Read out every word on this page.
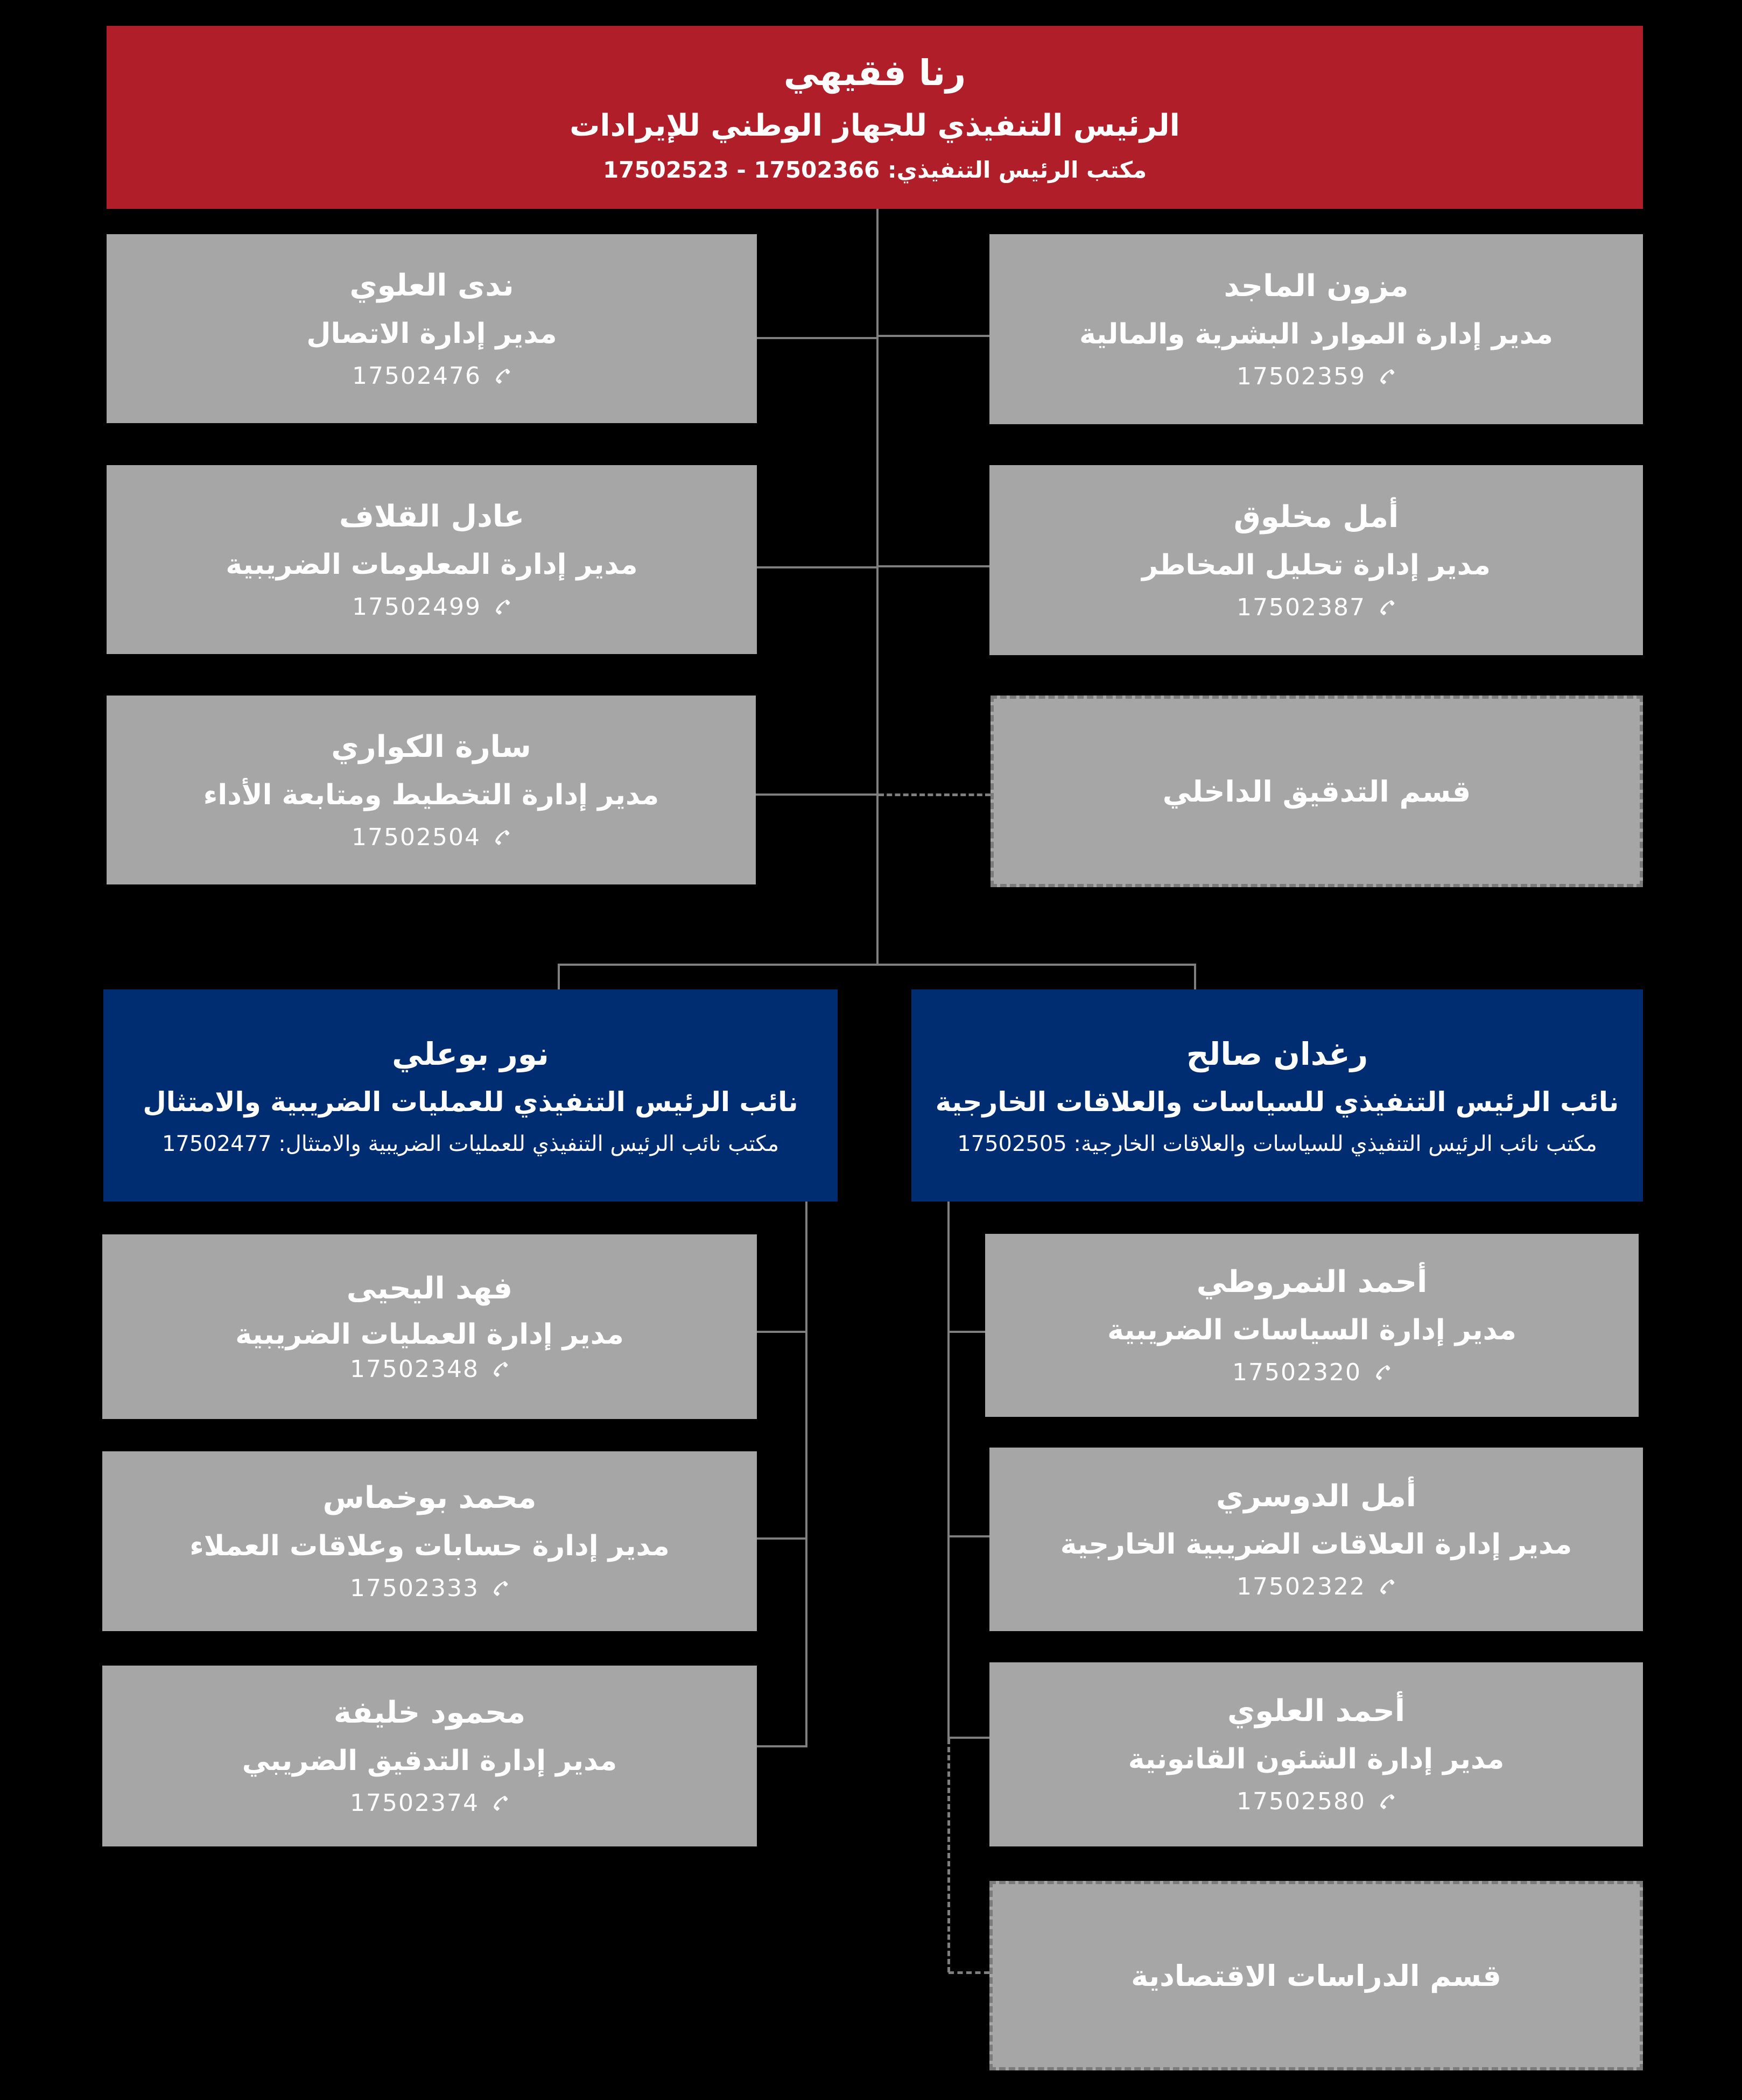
رنا فقيهي
الرئيس التنفيذي للجهاز الوطني للإيرادات
مكتب الرئيس التنفيذي: 17502366 - 17502523
ندى العلوي
مدير إدارة الاتصال
17502476
عادل القلاف
مدير إدارة المعلومات الضريبية
17502499
سارة الكواري
مدير إدارة التخطيط ومتابعة الأداء
17502504
مزون الماجد
مدير إدارة الموارد البشرية والمالية
17502359
أمل مخلوق
مدير إدارة تحليل المخاطر
17502387
قسم التدقيق الداخلي
نور بوعلي
نائب الرئيس التنفيذي للعمليات الضريبية والامتثال
مكتب نائب الرئيس التنفيذي للعمليات الضريبية والامتثال: 17502477
رغدان صالح
نائب الرئيس التنفيذي للسياسات والعلاقات الخارجية
مكتب نائب الرئيس التنفيذي للسياسات والعلاقات الخارجية: 17502505
فهد اليحيى
مدير إدارة العمليات الضريبية
17502348
محمد بوخماس
مدير إدارة حسابات وعلاقات العملاء
17502333
محمود خليفة
مدير إدارة التدقيق الضريبي
17502374
أحمد النمروطي
مدير إدارة السياسات الضريبية
17502320
أمل الدوسري
مدير إدارة العلاقات الضريبية الخارجية
17502322
أحمد العلوي
مدير إدارة الشئون القانونية
17502580
قسم الدراسات الاقتصادية
